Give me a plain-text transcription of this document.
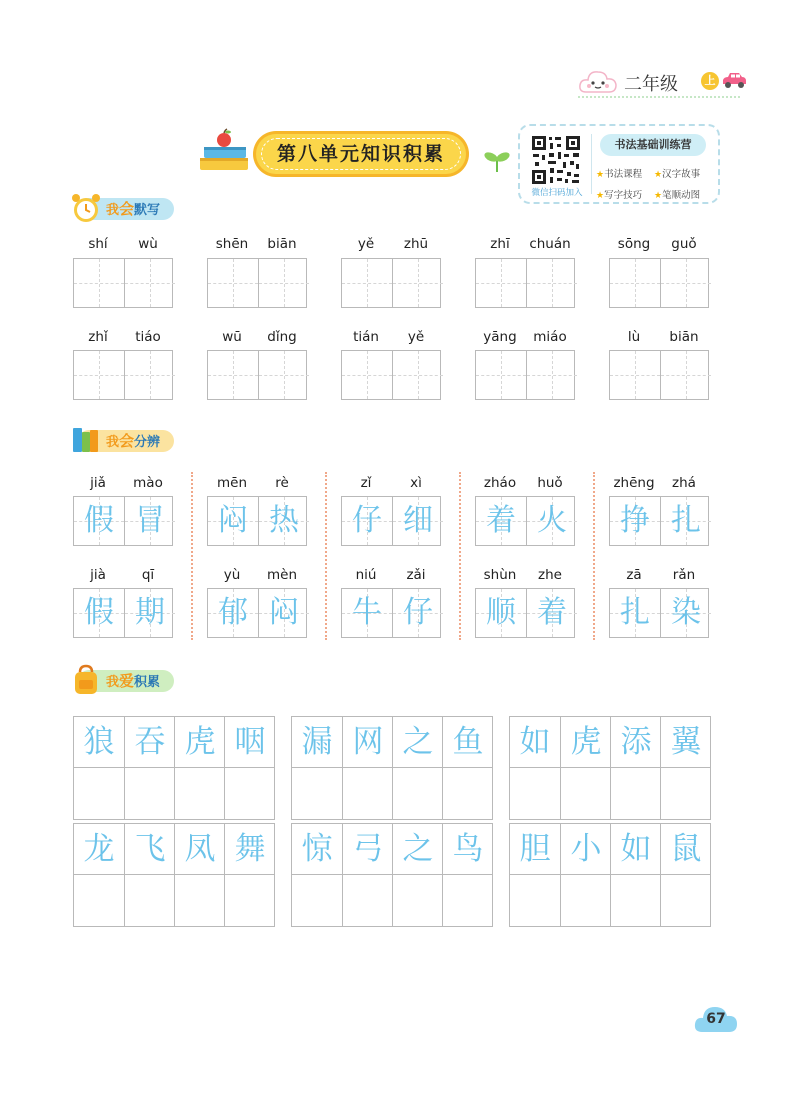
二年级	上
第八单元知识积累
微信扫码加入
书法基础训练营
★书法课程 ★汉字故事 ★写字技巧 ★笔顺动图
我会默写
我会分辨
我爱积累
shí	wù	shēn	biān	yě	zhū	zhī	chuán	sōng	guǒ
zhǐ	tiáo	wū	dǐng	tián	yě	yāng	miáo	lù	biān
jiǎ	mào
假 冒
mēn	rè
闷 热
zǐ	xì
仔 细
zháo	huǒ
着 火
zhēng	zhá
挣 扎
jià	qī
假 期
yù	mèn
郁 闷
niú	zǎi
牛 仔
shùn	zhe
顺 着
zā	rǎn
扎 染
狼 吞 虎 咽	漏 网 之 鱼	如 虎 添 翼
龙 飞 凤 舞	惊 弓 之 鸟	胆 小 如 鼠
67
